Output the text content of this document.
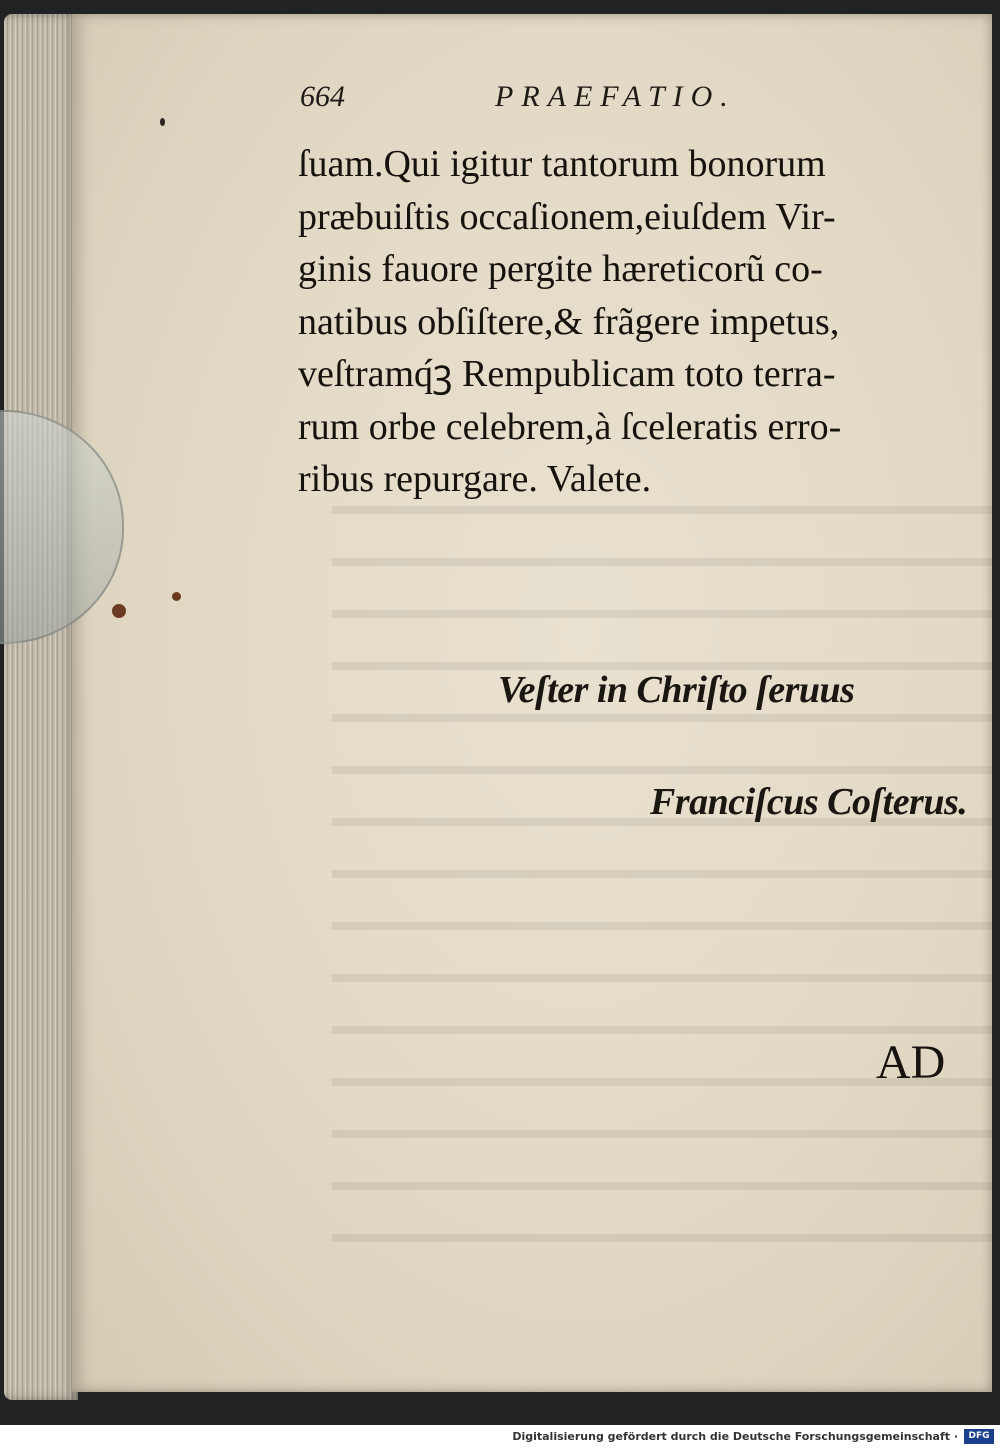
664	PRAEFATIO.
ſuam.Qui igitur tantorum bonorum
præbuiſtis occaſionem,eiuſdem Vir-
ginis fauore pergite hæreticorũ co-
natibus obſiſtere,& frãgere impetus,
veſtramq́ꝫ Rempublicam toto terra-
rum orbe celebrem,à ſceleratis erro-
ribus repurgare. Valete.
Veſter in Chriſto ſeruus
Franciſcus Coſterus.
AD
Digitalisierung gefördert durch die Deutsche Forschungsgemeinschaft ·	DFG
